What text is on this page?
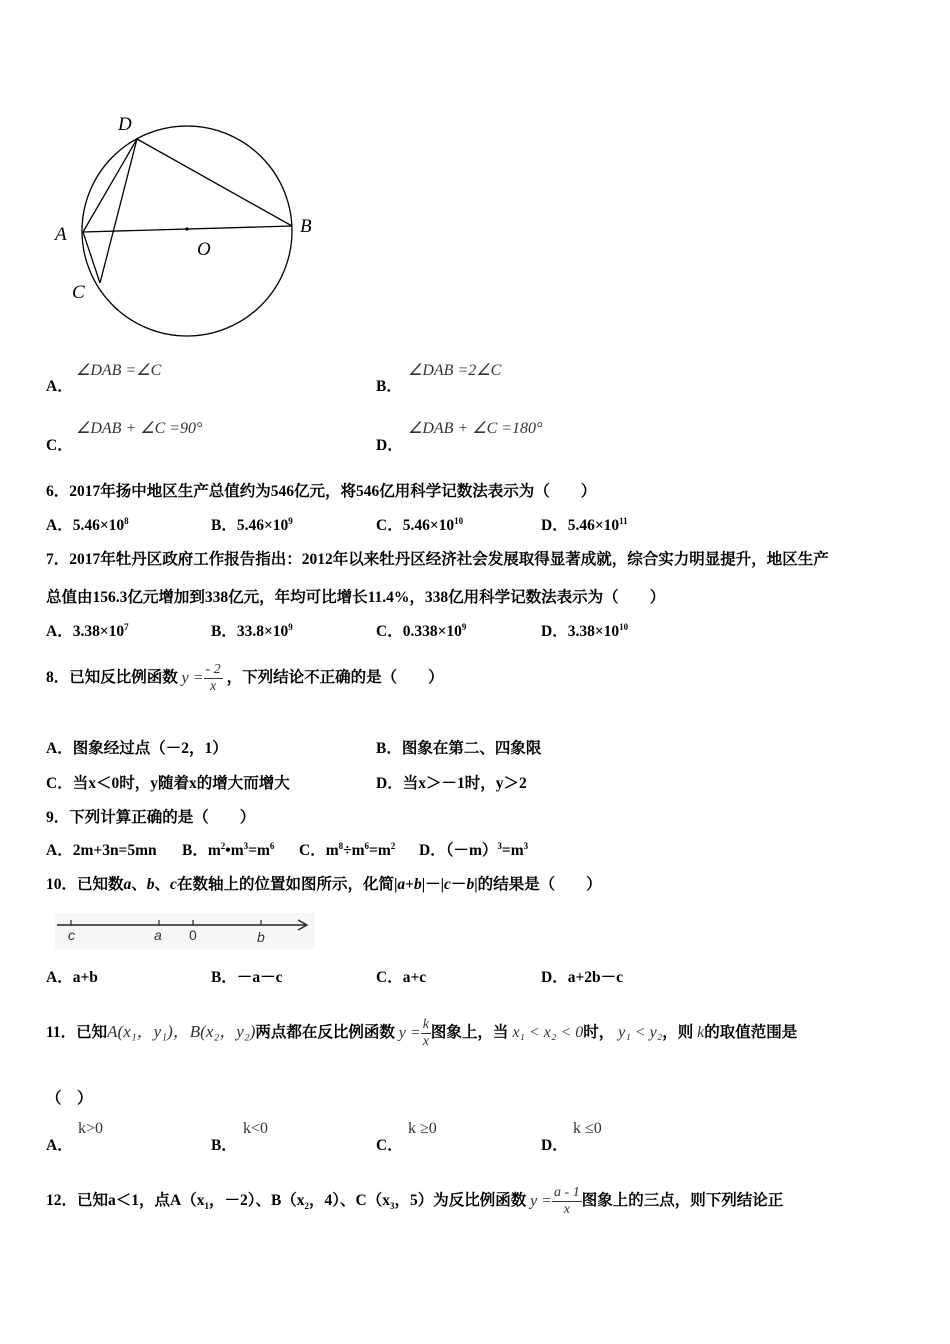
D
A	B
C
O
A．
∠DAB =∠C
B．
∠DAB =2∠C
C．
∠DAB + ∠C =90°
D．
∠DAB + ∠C =180°
6．2017年扬中地区生产总值约为546亿元，将546亿用科学记数法表示为（　　）
A．$5.46\times 10^8$	B．$5.46\times 10^9$	C．$5.46\times 10^{10}$	D．$5.46\times 10^{11}$
7．2017年牡丹区政府工作报告指出：2012年以来牡丹区经济社会发展取得显著成就，综合实力明显提升，地区生产
总值由156.3亿元增加到338亿元，年均可比增长11.4%，338亿用科学记数法表示为（　　）
A．$3.38\times 10^7$	B．$33.8\times 10^9$	C．$0.338\times 10^9$	D．$3.38\times 10^{10}$
8．已知反比例函数 $y = \frac{- 2}{x}$ ，下列结论不正确的是（　　）
A．图象经过点（－2，1）	B．图象在第二、四象限
C．当x＜0时，y随着x的增大而增大	D．当x＞－1时，y＞2
9．下列计算正确的是（　　）
A．2m+3n=5mn B．$m^2•m^3=m^6$ C．$m^8\div m^6=m^2$ D．$(-m)^3=m^3$
10．已知数a、b、c在数轴上的位置如图所示，化简|a+b|－|c－b|的结果是（　　）
c	a 0	b
A．a+b	B．－a－c	C．a+c	D．a+2b－c
11．已知A(x₁，y₁)，B(x₂，y₂)两点都在反比例函数 $y = \frac{k}{x}$ 图象上，当 x₁ < x₂ < 0时， y₁ < y₂，则 k的取值范围是
（　）
A．
k>0
B．
k<0
C．
k ≥0
D．
k ≤0
12．已知a＜1，点$A(x_1$，－2）、$B(x_2$，4）、$C(x_3$，5）为反比例函数 $y = \frac{a - 1}{x}$ 图象上的三点，则下列结论正
